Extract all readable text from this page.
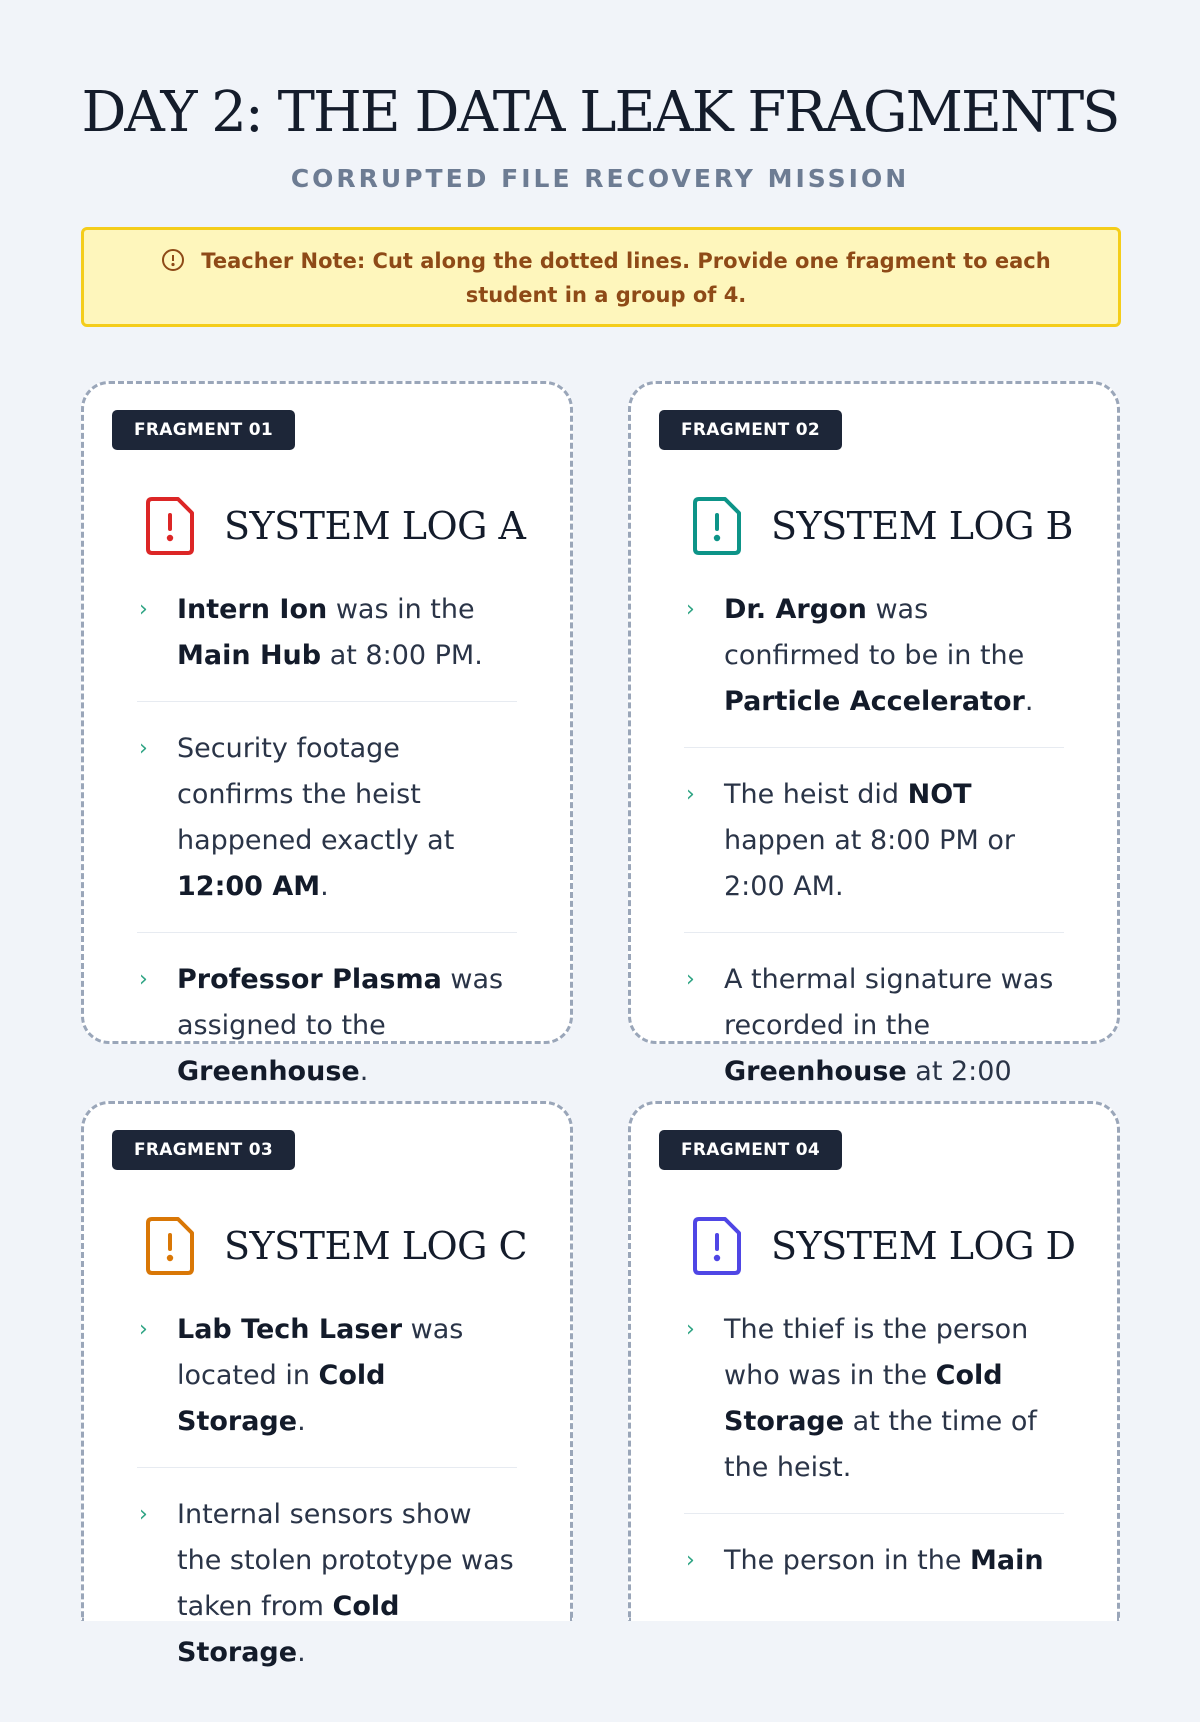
DAY 2: THE DATA LEAK FRAGMENTS
CORRUPTED FILE RECOVERY MISSION
Teacher Note: Cut along the dotted lines. Provide one fragment to each student in a group of 4.
FRAGMENT 01
SYSTEM LOG A
› Intern Ion was in the Main Hub at 8:00 PM.
› Security footage confirms the heist happened exactly at 12:00 AM.
› Professor Plasma was assigned to the Greenhouse.
FRAGMENT 02
SYSTEM LOG B
› Dr. Argon was confirmed to be in the Particle Accelerator.
› The heist did NOT happen at 8:00 PM or 2:00 AM.
› A thermal signature was recorded in the Greenhouse at 2:00
FRAGMENT 03
SYSTEM LOG C
› Lab Tech Laser was located in Cold Storage.
› Internal sensors show the stolen prototype was taken from Cold Storage.
FRAGMENT 04
SYSTEM LOG D
› The thief is the person who was in the Cold Storage at the time of the heist.
› The person in the Main
